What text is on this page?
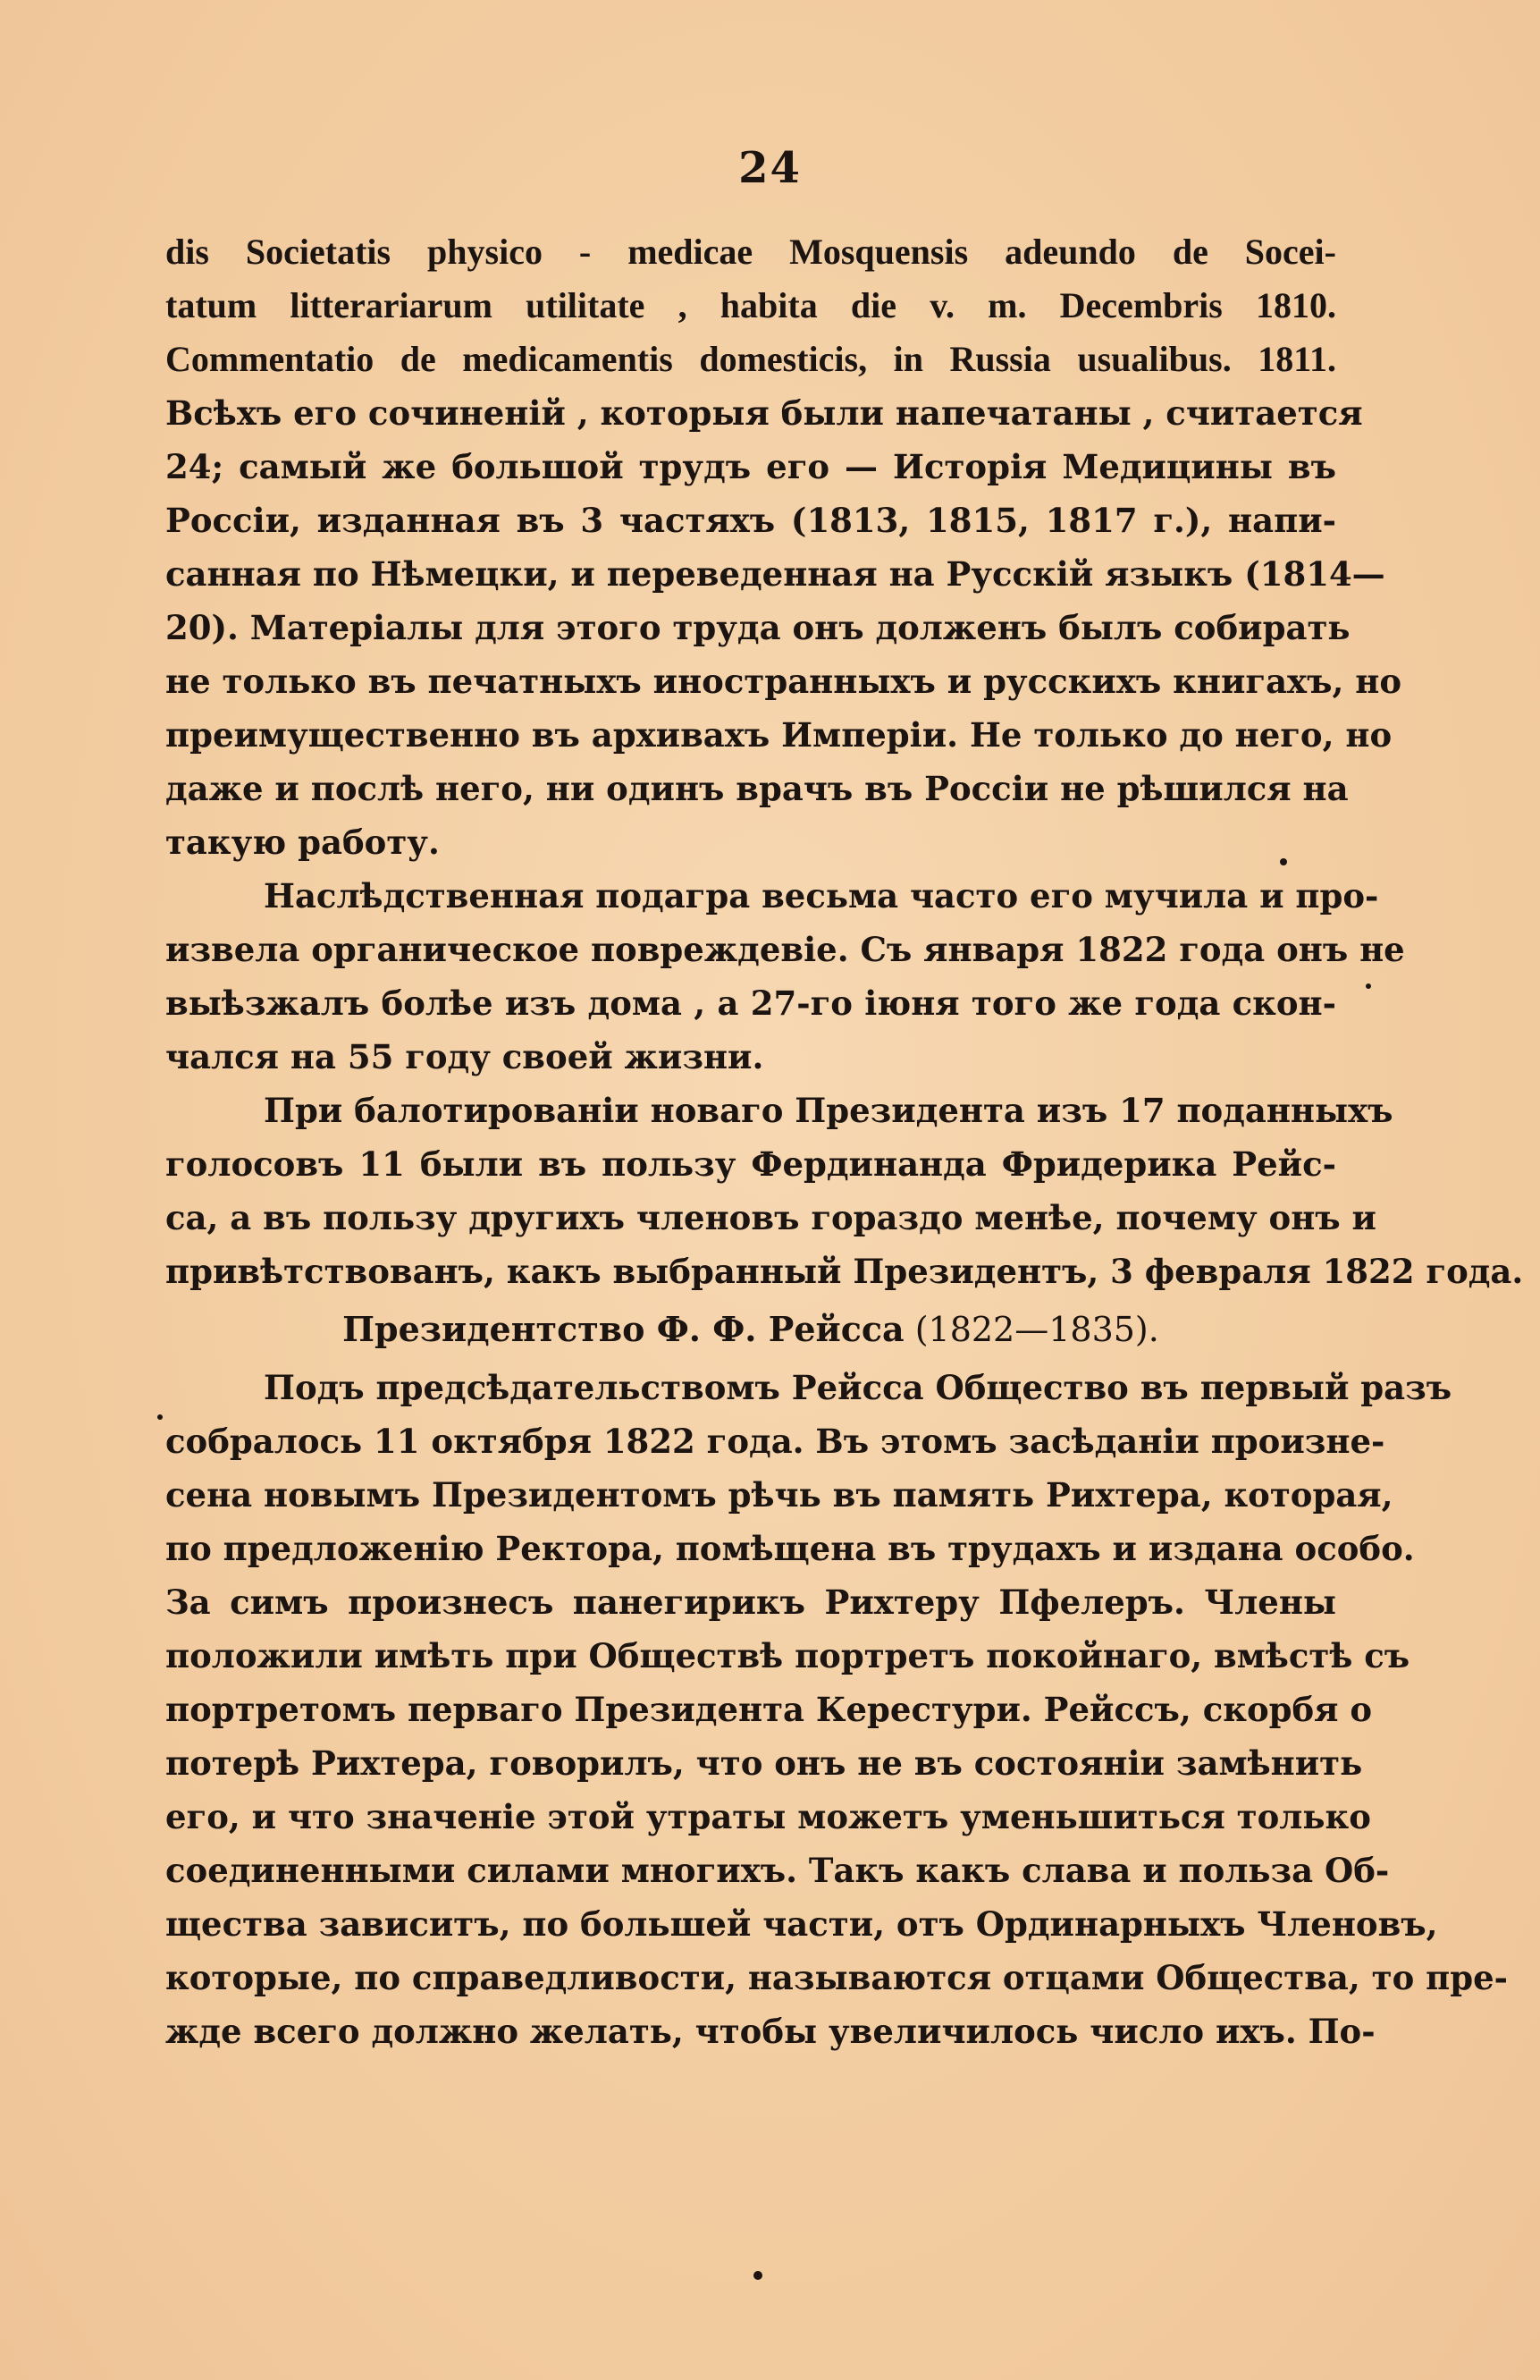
24
dis Societatis physico - medicae Mosquensis adeundo de Socei-
tatum litterariarum utilitate , habita die v. m. Decembris 1810.
Commentatio de medicamentis domesticis, in Russia usualibus. 1811.
Всѣхъ его сочиненій , которыя были напечатаны , считается
24; самый же большой трудъ его — Исторія Медицины въ
Россіи, изданная въ 3 частяхъ (1813, 1815, 1817 г.), напи-
санная по Нѣмецки, и переведенная на Русскій языкъ (1814—
20). Матеріалы для этого труда онъ долженъ былъ собирать
не только въ печатныхъ иностранныхъ и русскихъ книгахъ, но
преимущественно въ архивахъ Имперіи. Не только до него, но
даже и послѣ него, ни одинъ врачъ въ Россіи не рѣшился на
такую работу.
Наслѣдственная подагра весьма часто его мучила и про-
извела органическое повреждевіе. Съ января 1822 года онъ не
выѣзжалъ болѣе изъ дома , а 27-го іюня того же года скон-
чался на 55 году своей жизни.
При балотированіи новаго Президента изъ 17 поданныхъ
голосовъ 11 были въ пользу Фердинанда Фридерика Рейс-
са, а въ пользу другихъ членовъ гораздо менѣе, почему онъ и
привѣтствованъ, какъ выбранный Президентъ, 3 февраля 1822 года.
Президентство Ф. Ф. Рейсса (1822—1835).
Подъ предсѣдательствомъ Рейсса Общество въ первый разъ
собралось 11 октября 1822 года. Въ этомъ засѣданіи произне-
сена новымъ Президентомъ рѣчь въ память Рихтера, которая,
по предложенію Ректора, помѣщена въ трудахъ и издана особо.
За симъ произнесъ панегирикъ Рихтеру Пфелеръ. Члены
положили имѣть при Обществѣ портретъ покойнаго, вмѣстѣ съ
портретомъ перваго Президента Керестури. Рейссъ, скорбя о
потерѣ Рихтера, говорилъ, что онъ не въ состояніи замѣнить
его, и что значеніе этой утраты можетъ уменьшиться только
соединенными силами многихъ. Такъ какъ слава и польза Об-
щества зависитъ, по большей части, отъ Ординарныхъ Членовъ,
которые, по справедливости, называются отцами Общества, то пре-
жде всего должно желать, чтобы увеличилось число ихъ. По-
